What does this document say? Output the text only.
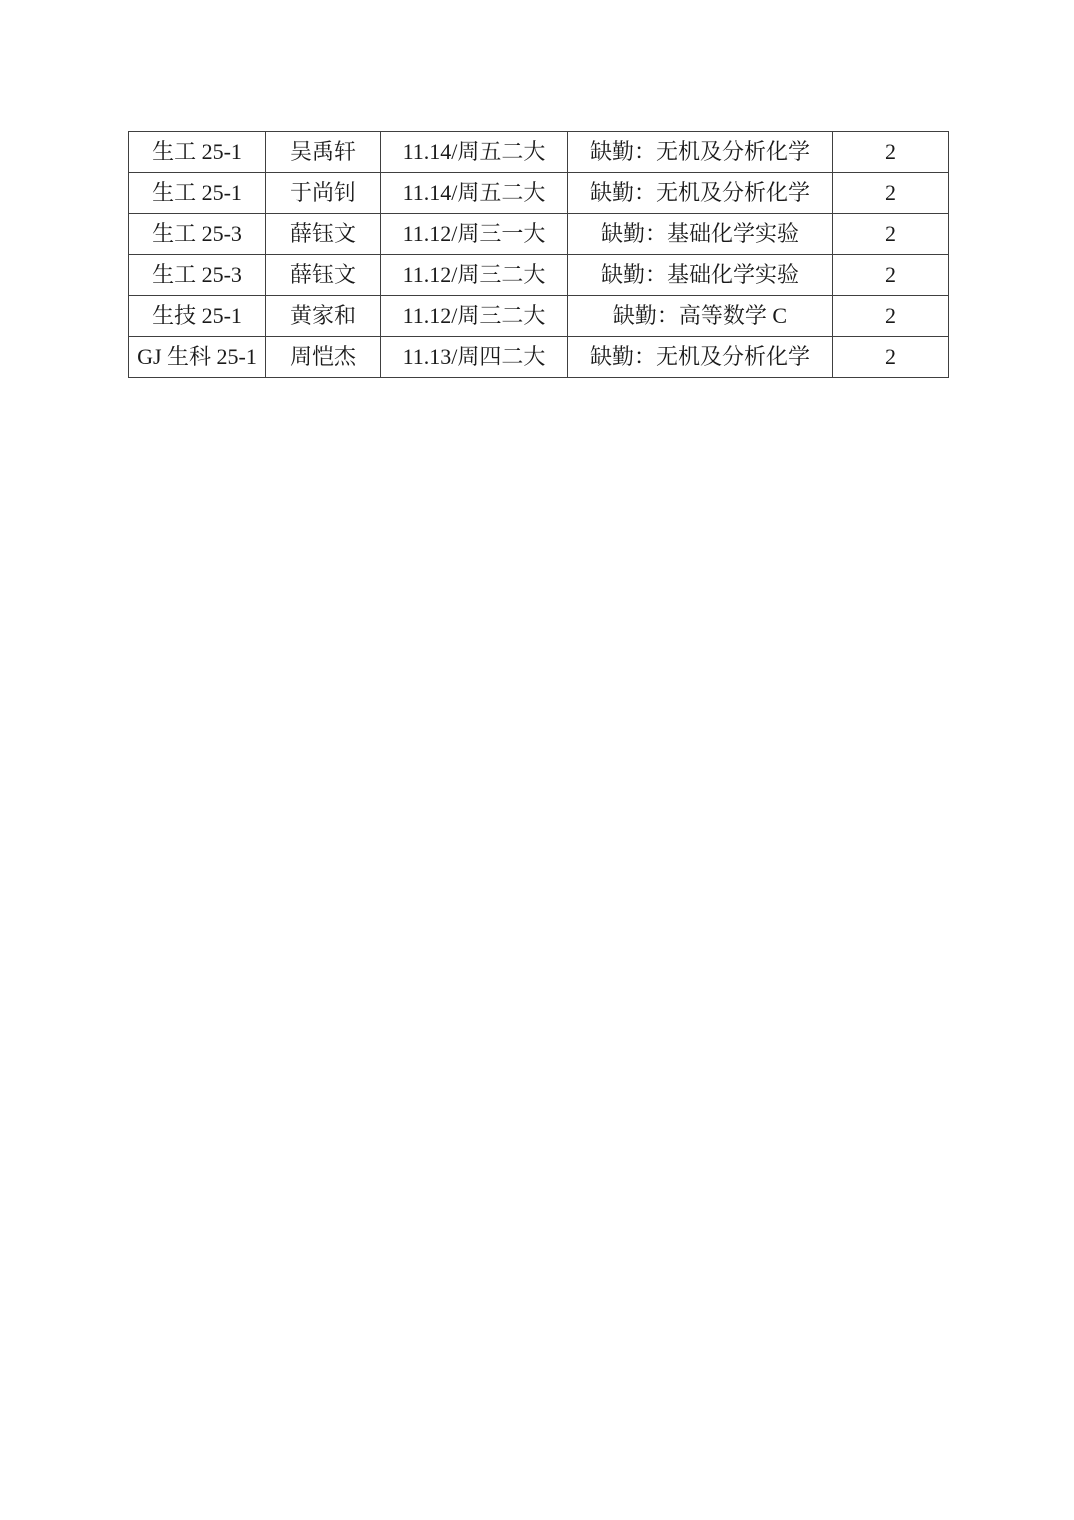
生工 25-1	吴禹轩	11.14/周五二大	缺勤：无机及分析化学	2
生工 25-1	于尚钊	11.14/周五二大	缺勤：无机及分析化学	2
生工 25-3	薛钰文	11.12/周三一大	缺勤：基础化学实验	2
生工 25-3	薛钰文	11.12/周三二大	缺勤：基础化学实验	2
生技 25-1	黄家和	11.12/周三二大	缺勤：高等数学 C	2
GJ 生科 25-1	周恺杰	11.13/周四二大	缺勤：无机及分析化学	2
